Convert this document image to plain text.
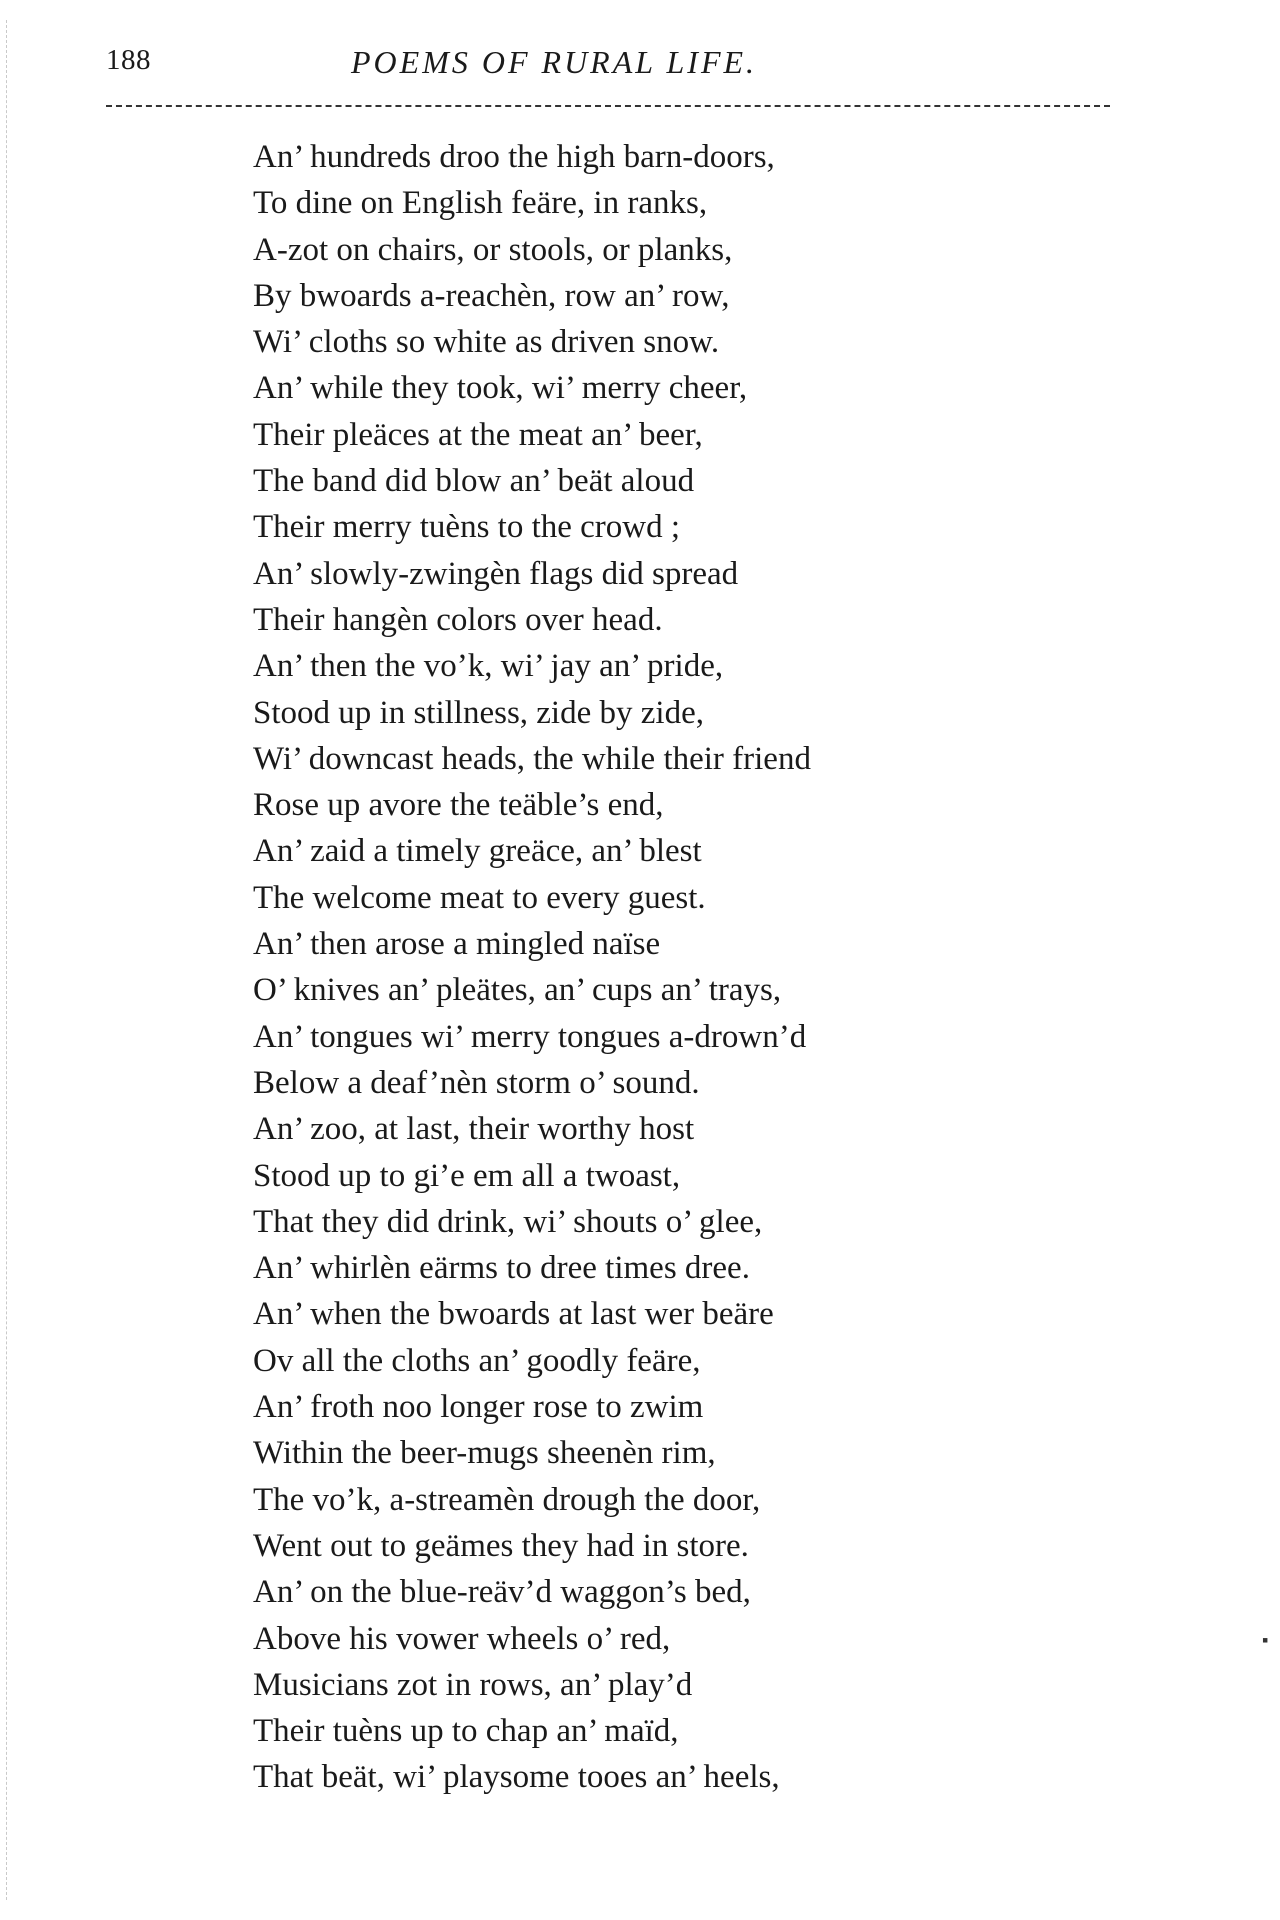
188	POEMS OF RURAL LIFE.
An’ hundreds droo the high barn-doors,
To dine on English feäre, in ranks,
A-zot on chairs, or stools, or planks,
By bwoards a-reachèn, row an’ row,
Wi’ cloths so white as driven snow.
An’ while they took, wi’ merry cheer,
Their pleäces at the meat an’ beer,
The band did blow an’ beät aloud
Their merry tuèns to the crowd ;
An’ slowly-zwingèn flags did spread
Their hangèn colors over head.
An’ then the vo’k, wi’ jay an’ pride,
Stood up in stillness, zide by zide,
Wi’ downcast heads, the while their friend
Rose up avore the teäble’s end,
An’ zaid a timely greäce, an’ blest
The welcome meat to every guest.
An’ then arose a mingled naïse
O’ knives an’ pleätes, an’ cups an’ trays,
An’ tongues wi’ merry tongues a-drown’d
Below a deaf’nèn storm o’ sound.
An’ zoo, at last, their worthy host
Stood up to gi’e em all a twoast,
That they did drink, wi’ shouts o’ glee,
An’ whirlèn eärms to dree times dree.
An’ when the bwoards at last wer beäre
Ov all the cloths an’ goodly feäre,
An’ froth noo longer rose to zwim
Within the beer-mugs sheenèn rim,
The vo’k, a-streamèn drough the door,
Went out to geämes they had in store.
An’ on the blue-reäv’d waggon’s bed,
Above his vower wheels o’ red,
Musicians zot in rows, an’ play’d
Their tuèns up to chap an’ maïd,
That beät, wi’ playsome tooes an’ heels,
▪
